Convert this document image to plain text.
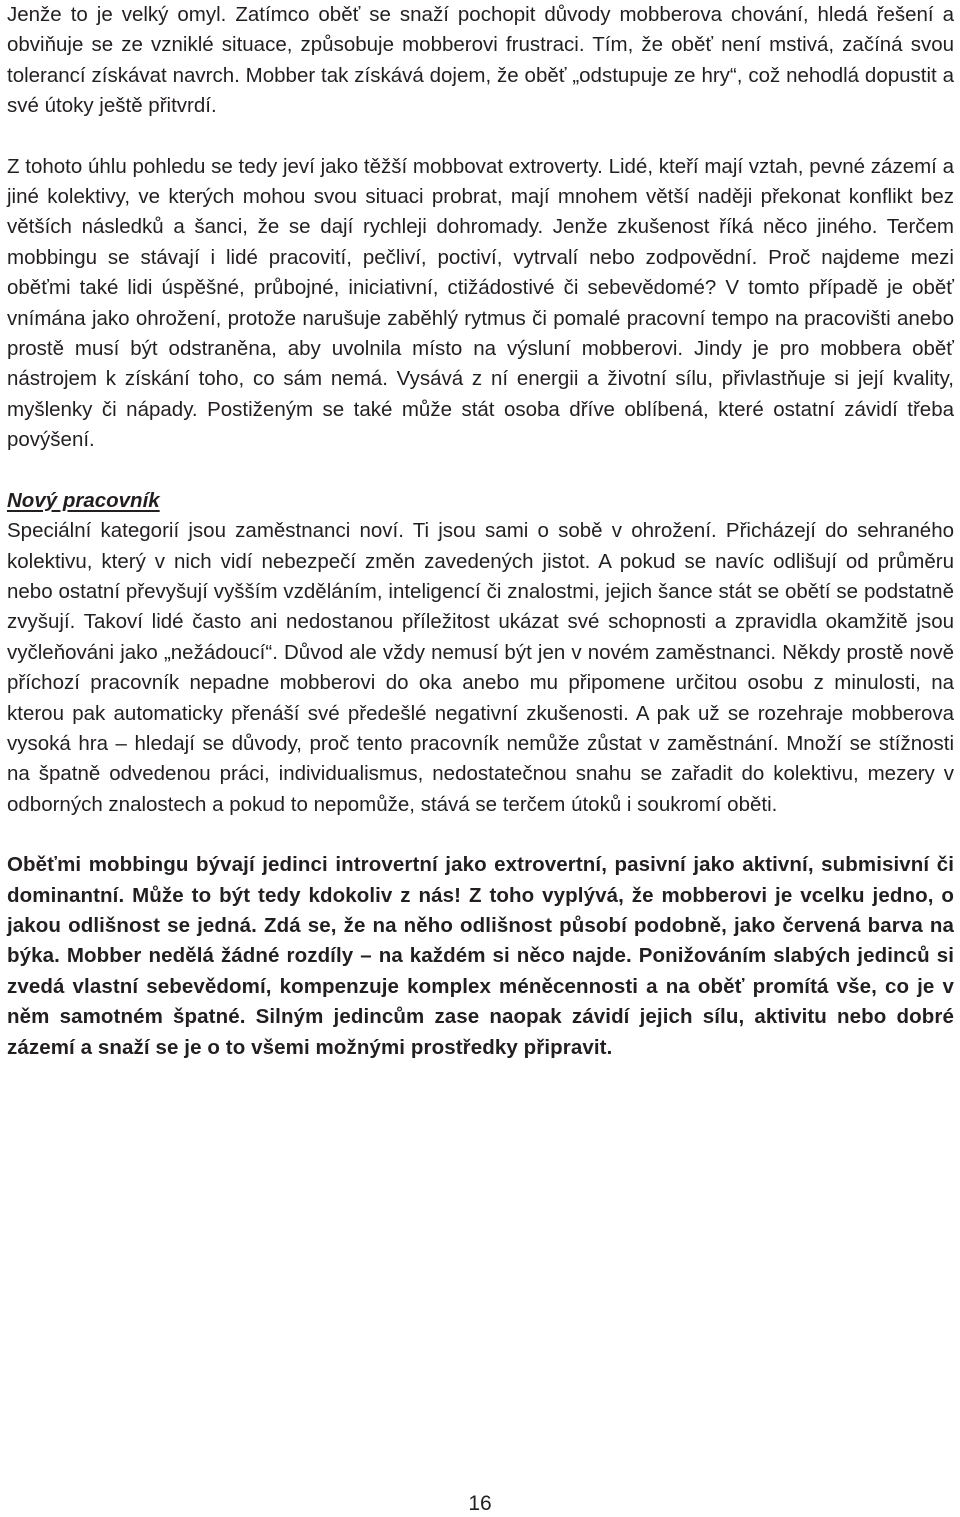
Jenže to je velký omyl. Zatímco oběť se snaží pochopit důvody mobberova chování, hledá řešení a obviňuje se ze vzniklé situace, způsobuje mobberovi frustraci. Tím, že oběť není mstivá, začíná svou tolerancí získávat navrch. Mobber tak získává dojem, že oběť „odstupuje ze hry“, což nehodlá dopustit a své útoky ještě přitvrdí.

Z tohoto úhlu pohledu se tedy jeví jako těžší mobbovat extroverty. Lidé, kteří mají vztah, pevné zázemí a jiné kolektivy, ve kterých mohou svou situaci probrat, mají mnohem větší naději překonat konflikt bez větších následků a šanci, že se dají rychleji dohromady. Jenže zkušenost říká něco jiného. Terčem mobbingu se stávají i lidé pracovití, pečliví, poctiví, vytrvalí nebo zodpovědní. Proč najdeme mezi oběťmi také lidi úspěšné, průbojné, iniciativní, ctižádostivé či sebevědomé? V tomto případě je oběť vnímána jako ohrožení, protože narušuje zaběhlý rytmus či pomalé pracovní tempo na pracovišti anebo prostě musí být odstraněna, aby uvolnila místo na výsluní mobberovi. Jindy je pro mobbera oběť nástrojem k získání toho, co sám nemá. Vysává z ní energii a životní sílu, přivlastňuje si její kvality, myšlenky či nápady. Postiženým se také může stát osoba dříve oblíbená, které ostatní závidí třeba povýšení.

Nový pracovník

Speciální kategorií jsou zaměstnanci noví. Ti jsou sami o sobě v ohrožení. Přicházejí do sehraného kolektivu, který v nich vidí nebezpečí změn zavedených jistot. A pokud se navíc odlišují od průměru nebo ostatní převyšují vyšším vzděláním, inteligencí či znalostmi, jejich šance stát se obětí se podstatně zvyšují. Takoví lidé často ani nedostanou příležitost ukázat své schopnosti a zpravidla okamžitě jsou vyčleňováni jako „nežádoucí“. Důvod ale vždy nemusí být jen v novém zaměstnanci. Někdy prostě nově příchozí pracovník nepadne mobberovi do oka anebo mu připomene určitou osobu z minulosti, na kterou pak automaticky přenáší své předešlé negativní zkušenosti. A pak už se rozehraje mobberova vysoká hra – hledají se důvody, proč tento pracovník nemůže zůstat v zaměstnání. Množí se stížnosti na špatně odvedenou práci, individualismus, nedostatečnou snahu se zařadit do kolektivu, mezery v odborných znalostech a pokud to nepomůže, stává se terčem útoků i soukromí oběti.

Oběťmi mobbingu bývají jedinci introvertní jako extrovertní, pasivní jako aktivní, submisivní či dominantní. Může to být tedy kdokoliv z nás! Z toho vyplývá, že mobberovi je vcelku jedno, o jakou odlišnost se jedná. Zdá se, že na něho odlišnost působí podobně, jako červená barva na býka. Mobber nedělá žádné rozdíly – na každém si něco najde. Ponižováním slabých jedinců si zvedá vlastní sebevědomí, kompenzuje komplex méněcennosti a na oběť promítá vše, co je v něm samotném špatné. Silným jedincům zase naopak závidí jejich sílu, aktivitu nebo dobré zázemí a snaží se je o to všemi možnými prostředky připravit.

16
